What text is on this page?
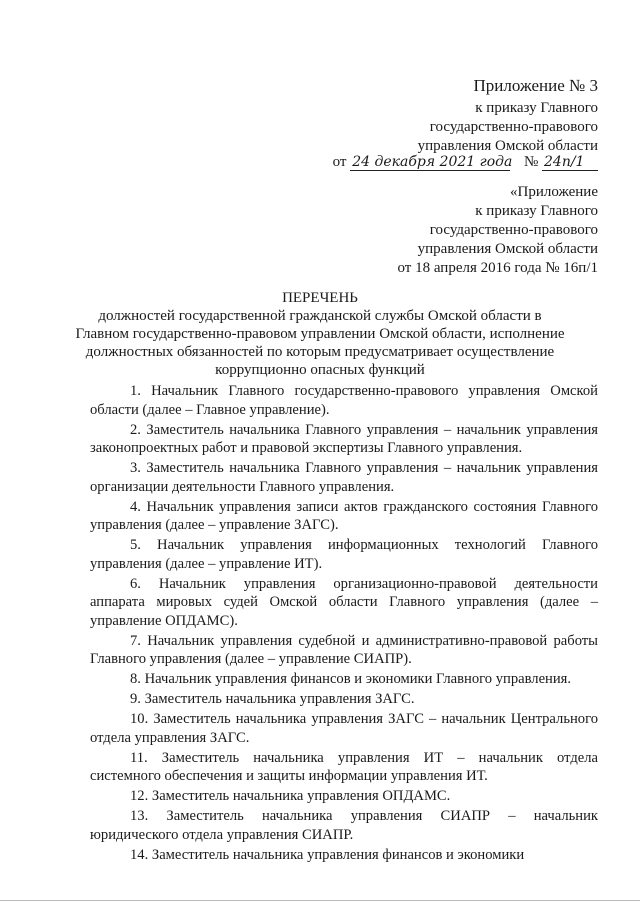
Приложение № 3
к приказу Главного
государственно-правового
управления Омской области
от 24 декабря 2021 года № 24п/1
«Приложение
к приказу Главного
государственно-правового
управления Омской области
от 18 апреля 2016 года № 16п/1
ПЕРЕЧЕНЬ
должностей государственной гражданской службы Омской области в
Главном государственно-правовом управлении Омской области, исполнение
должностных обязанностей по которым предусматривает осуществление
коррупционно опасных функций

1. Начальник Главного государственно-правового управления Омской области (далее – Главное управление).

2. Заместитель начальника Главного управления – начальник управления законопроектных работ и правовой экспертизы Главного управления.

3. Заместитель начальника Главного управления – начальник управления организации деятельности Главного управления.

4. Начальник управления записи актов гражданского состояния Главного управления (далее – управление ЗАГС).

5. Начальник управления информационных технологий Главного управления (далее – управление ИТ).

6. Начальник управления организационно-правовой деятельности аппарата мировых судей Омской области Главного управления (далее – управление ОПДАМС).

7. Начальник управления судебной и административно-правовой работы Главного управления (далее – управление СИАПР).

8. Начальник управления финансов и экономики Главного управления.

9. Заместитель начальника управления ЗАГС.

10. Заместитель начальника управления ЗАГС – начальник Центрального отдела управления ЗАГС.

11. Заместитель начальника управления ИТ – начальник отдела системного обеспечения и защиты информации управления ИТ.

12. Заместитель начальника управления ОПДАМС.

13. Заместитель начальника управления СИАПР – начальник юридического отдела управления СИАПР.

14. Заместитель начальника управления финансов и экономики
